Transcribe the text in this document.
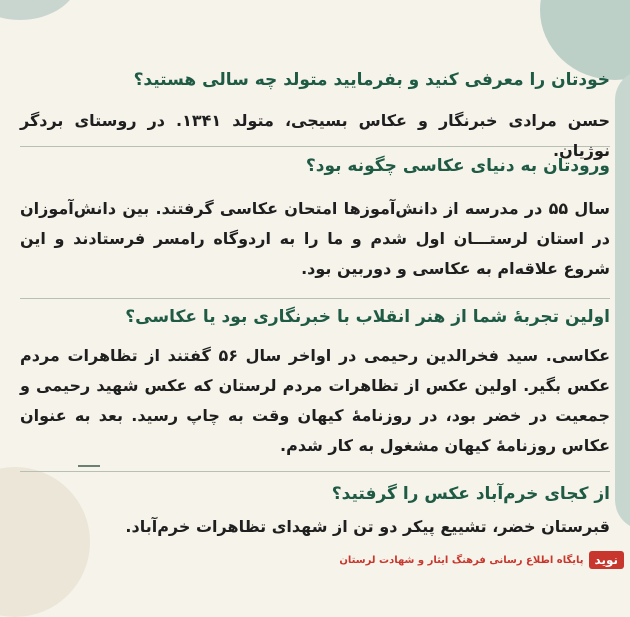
خودتان را معرفی کنید و بفرمایید متولد چه سالی هستید؟
حسن مرادی خبرنگار و عکاس بسیجی، متولد ۱۳۴۱. در روستای بردگر نوژیان.
ورودتان به دنیای عکاسی چگونه بود؟
سال ۵۵ در مدرسه از دانش‌آموزها امتحان عکاسی گرفتند. بین دانش‌آموزان در استان لرستـــان اول شدم و ما را به اردوگاه رامسر فرستادند و این شروع علاقه‌ام به عکاسی و دوربین بود.
اولین تجربهٔ شما از هنر انقلاب با خبرنگاری بود یا عکاسی؟
عکاسی. سید فخرالدین رحیمی در اواخر سال ۵۶ گفتند از تظاهرات مردم عکس بگیر. اولین عکس از تظاهرات مردم لرستان که عکس شهید رحیمی و جمعیت در خضر بود، در روزنامهٔ کیهان وقت به چاپ رسید. بعد به عنوان عکاس روزنامهٔ کیهان مشغول به کار شدم.
از کجای خرم‌آباد عکس را گرفتید؟
قبرستان خضر، تشییع پیکر دو تن از شهدای تظاهرات خرم‌آباد.
نوید
پایگاه اطلاع رسانی فرهنگ ایثار و شهادت لرستان
